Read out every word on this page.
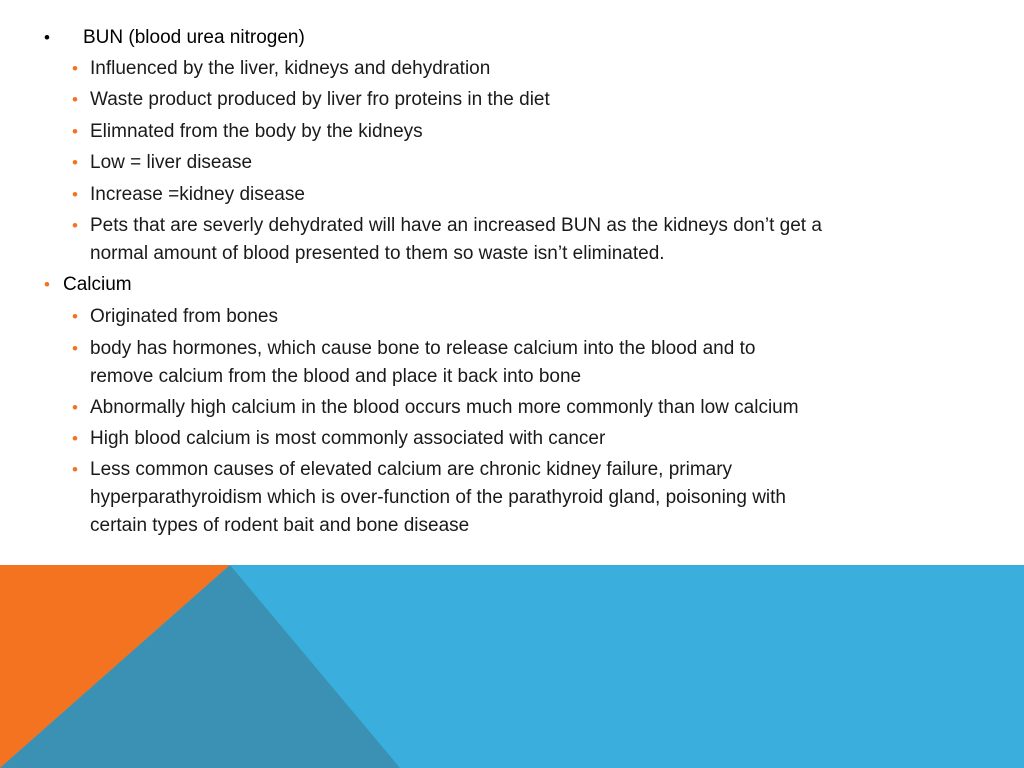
• BUN (blood urea nitrogen)
• Influenced by the liver, kidneys and dehydration
• Waste product produced by liver fro proteins in the diet
• Elimnated from the body by the kidneys
• Low = liver disease
• Increase =kidney disease
• Pets that are severly dehydrated will have an increased BUN as the kidneys don’t get a
normal amount of blood presented to them so waste isn’t eliminated.
• Calcium
• Originated from bones
• body has hormones, which cause bone to release calcium into the blood and to
remove calcium from the blood and place it back into bone
• Abnormally high calcium in the blood occurs much more commonly than low calcium
• High blood calcium is most commonly associated with cancer
• Less common causes of elevated calcium are chronic kidney failure, primary
hyperparathyroidism which is over-function of the parathyroid gland, poisoning with
certain types of rodent bait and bone disease
